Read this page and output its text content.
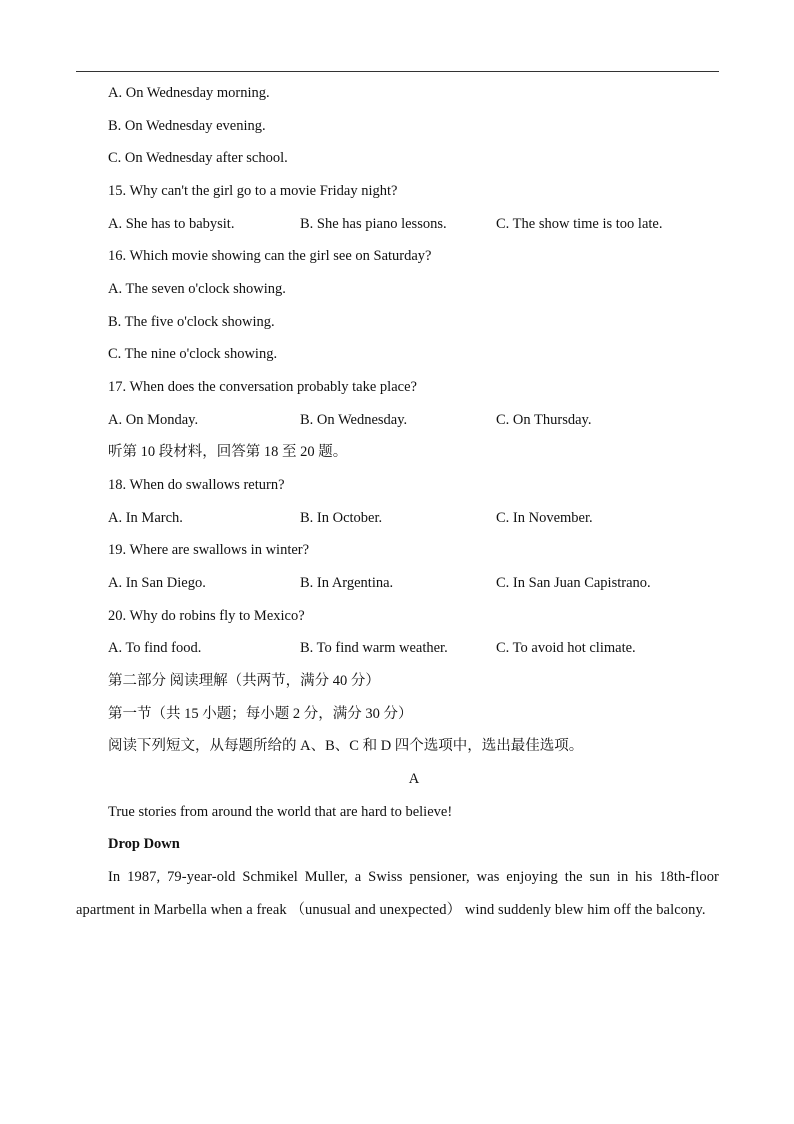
A. On Wednesday morning.
B. On Wednesday evening.
C. On Wednesday after school.
15. Why can't the girl go to a movie Friday night?
A. She has to babysit.	B. She has piano lessons.	C. The show time is too late.
16. Which movie showing can the girl see on Saturday?
A. The seven o'clock showing.
B. The five o'clock showing.
C. The nine o'clock showing.
17. When does the conversation probably take place?
A. On Monday.	B. On Wednesday.	C. On Thursday.
听第 10 段材料，回答第 18 至 20 题。
18. When do swallows return?
A. In March.	B. In October.	C. In November.
19. Where are swallows in winter?
A. In San Diego.	B. In Argentina.	C. In San Juan Capistrano.
20. Why do robins fly to Mexico?
A. To find food.	B. To find warm weather.	C. To avoid hot climate.
第二部分 阅读理解（共两节，满分 40 分）
第一节（共 15 小题；每小题 2 分，满分 30 分）
阅读下列短文，从每题所给的 A、B、C 和 D 四个选项中，选出最佳选项。
A
True stories from around the world that are hard to believe!
Drop Down
In 1987, 79-year-old Schmikel Muller, a Swiss pensioner, was enjoying the sun in his 18th-floor apartment in Marbella when a freak （unusual and unexpected） wind suddenly blew him off the balcony.
